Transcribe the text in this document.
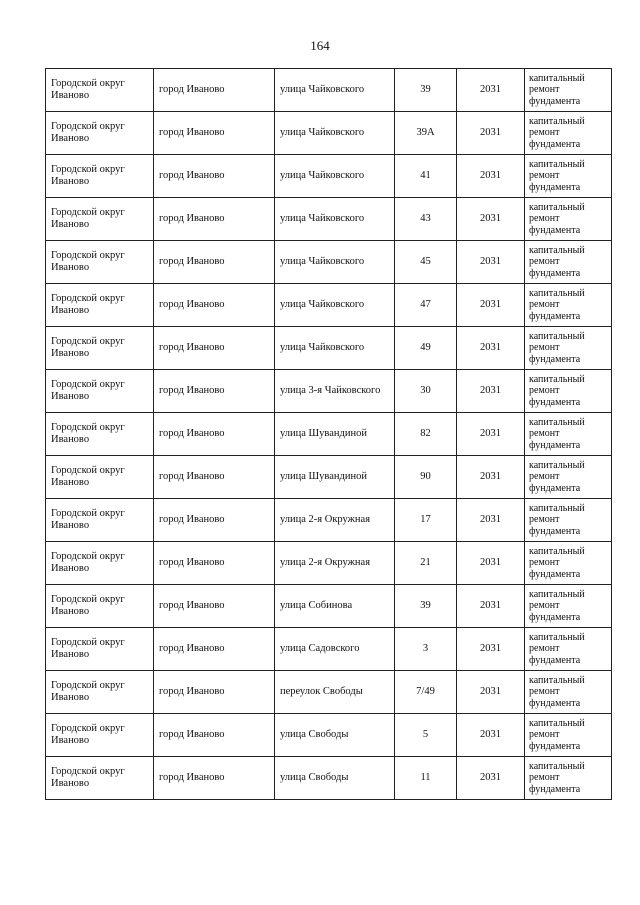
164
Городской округ Иваново	город Иваново	улица Чайковского	39	2031	капитальный ремонт фундамента
Городской округ Иваново	город Иваново	улица Чайковского	39А	2031	капитальный ремонт фундамента
Городской округ Иваново	город Иваново	улица Чайковского	41	2031	капитальный ремонт фундамента
Городской округ Иваново	город Иваново	улица Чайковского	43	2031	капитальный ремонт фундамента
Городской округ Иваново	город Иваново	улица Чайковского	45	2031	капитальный ремонт фундамента
Городской округ Иваново	город Иваново	улица Чайковского	47	2031	капитальный ремонт фундамента
Городской округ Иваново	город Иваново	улица Чайковского	49	2031	капитальный ремонт фундамента
Городской округ Иваново	город Иваново	улица 3-я Чайковского	30	2031	капитальный ремонт фундамента
Городской округ Иваново	город Иваново	улица Шувандиной	82	2031	капитальный ремонт фундамента
Городской округ Иваново	город Иваново	улица Шувандиной	90	2031	капитальный ремонт фундамента
Городской округ Иваново	город Иваново	улица 2-я Окружная	17	2031	капитальный ремонт фундамента
Городской округ Иваново	город Иваново	улица 2-я Окружная	21	2031	капитальный ремонт фундамента
Городской округ Иваново	город Иваново	улица Собинова	39	2031	капитальный ремонт фундамента
Городской округ Иваново	город Иваново	улица Садовского	3	2031	капитальный ремонт фундамента
Городской округ Иваново	город Иваново	переулок Свободы	7/49	2031	капитальный ремонт фундамента
Городской округ Иваново	город Иваново	улица Свободы	5	2031	капитальный ремонт фундамента
Городской округ Иваново	город Иваново	улица Свободы	11	2031	капитальный ремонт фундамента
